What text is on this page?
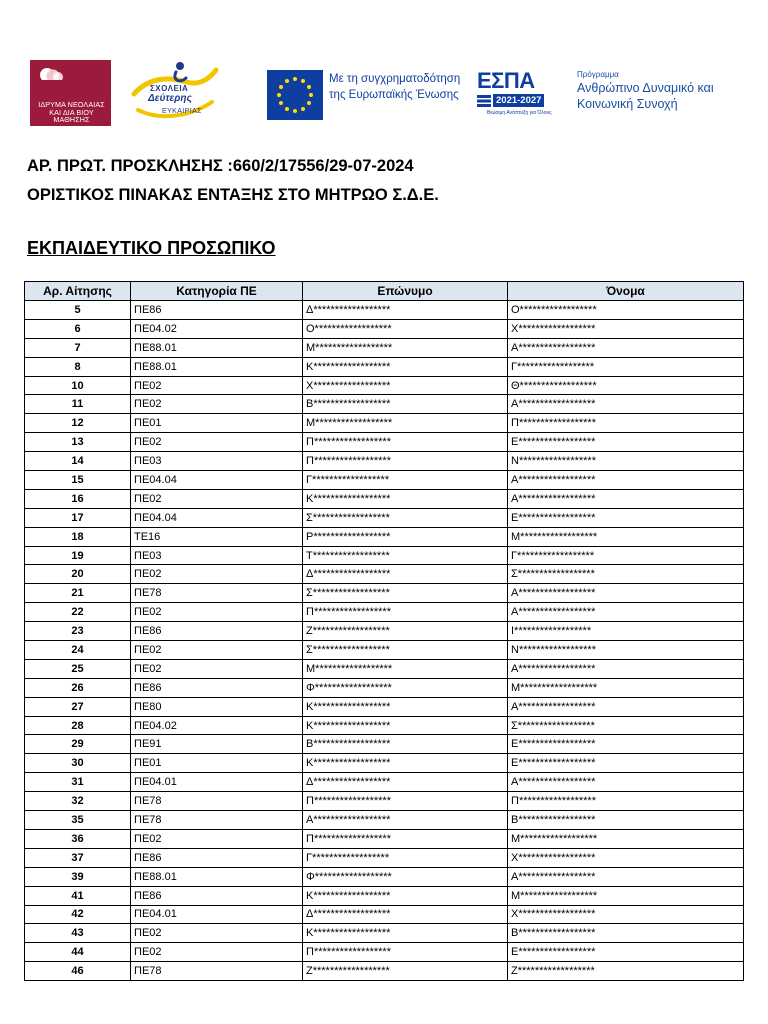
ΙΔΡΥΜΑ ΝΕΟΛΑΙΑΣ ΚΑΙ ΔΙΑ ΒΙΟΥ ΜΑΘΗΣΗΣ
ΣΧΟΛΕΙΑ
Δεύτερης
ΕΥΚΑΙΡΙΑΣ
Με τη συγχρηματοδότηση
της Ευρωπαϊκής Ένωσης
ΕΣΠΑ
2021-2027
Βιώσιμη Ανάπτυξη για Όλους
Πρόγραμμα
Ανθρώπινο Δυναμικό και
Κοινωνική Συνοχή
ΑΡ. ΠΡΩΤ. ΠΡΟΣΚΛΗΣΗΣ :660/2/17556/29-07-2024
ΟΡΙΣΤΙΚΟΣ ΠΙΝΑΚΑΣ ΕΝΤΑΞΗΣ ΣΤΟ ΜΗΤΡΩΟ Σ.Δ.Ε.
ΕΚΠΑΙΔΕΥΤΙΚΟ ΠΡΟΣΩΠΙΚΟ
Αρ. Αίτησης	Κατηγορία ΠΕ	Επώνυμο	Όνομα
5	ΠΕ86	Δ******************	Ο******************
6	ΠΕ04.02	Ο******************	Χ******************
7	ΠΕ88.01	Μ******************	Α******************
8	ΠΕ88.01	Κ******************	Γ******************
10	ΠΕ02	Χ******************	Θ******************
11	ΠΕ02	Β******************	Α******************
12	ΠΕ01	Μ******************	Π******************
13	ΠΕ02	Π******************	Ε******************
14	ΠΕ03	Π******************	Ν******************
15	ΠΕ04.04	Γ******************	Α******************
16	ΠΕ02	Κ******************	Α******************
17	ΠΕ04.04	Σ******************	Ε******************
18	ΤΕ16	Ρ******************	Μ******************
19	ΠΕ03	Τ******************	Γ******************
20	ΠΕ02	Δ******************	Σ******************
21	ΠΕ78	Σ******************	Α******************
22	ΠΕ02	Π******************	Α******************
23	ΠΕ86	Ζ******************	Ι******************
24	ΠΕ02	Σ******************	Ν******************
25	ΠΕ02	Μ******************	Α******************
26	ΠΕ86	Φ******************	Μ******************
27	ΠΕ80	Κ******************	Α******************
28	ΠΕ04.02	Κ******************	Σ******************
29	ΠΕ91	Β******************	Ε******************
30	ΠΕ01	Κ******************	Ε******************
31	ΠΕ04.01	Δ******************	Α******************
32	ΠΕ78	Π******************	Π******************
35	ΠΕ78	Α******************	Β******************
36	ΠΕ02	Π******************	Μ******************
37	ΠΕ86	Γ******************	Χ******************
39	ΠΕ88.01	Φ******************	Α******************
41	ΠΕ86	Κ******************	Μ******************
42	ΠΕ04.01	Δ******************	Χ******************
43	ΠΕ02	Κ******************	Β******************
44	ΠΕ02	Π******************	Ε******************
46	ΠΕ78	Ζ******************	Ζ******************
